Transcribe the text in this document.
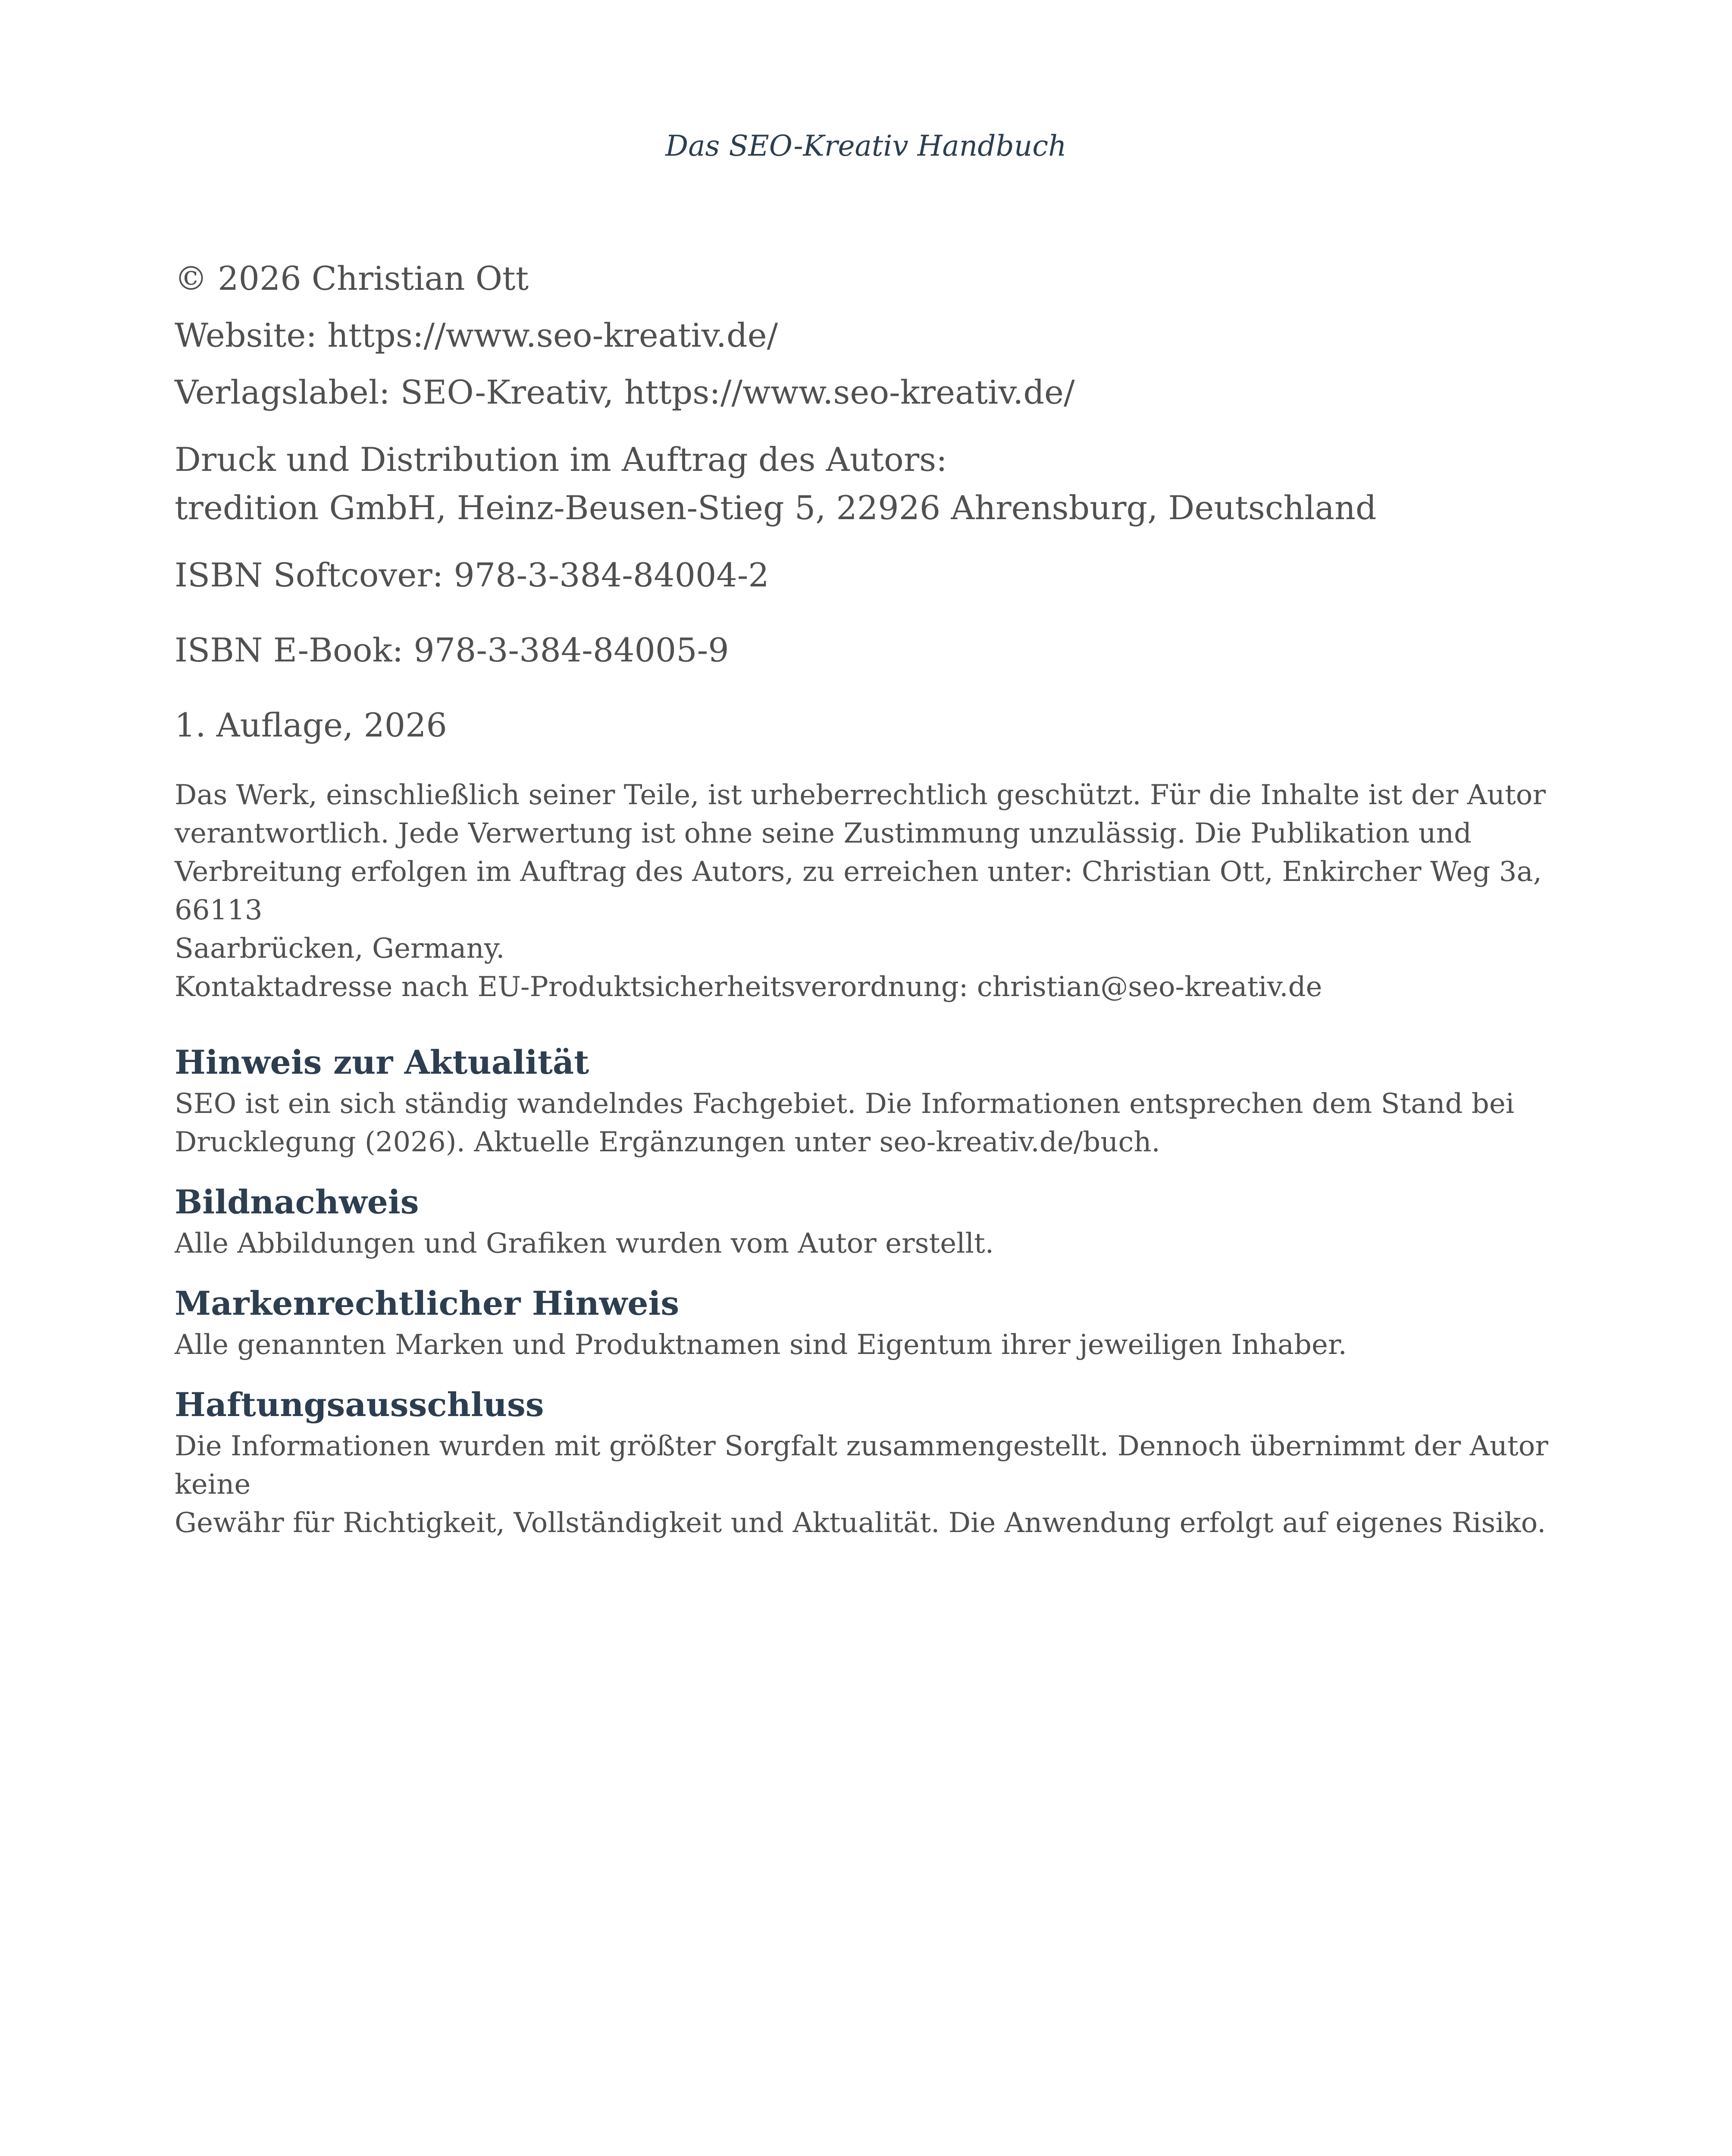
Das SEO-Kreativ Handbuch

© 2026 Christian Ott

Website: https://www.seo-kreativ.de/

Verlagslabel: SEO-Kreativ, https://www.seo-kreativ.de/

Druck und Distribution im Auftrag des Autors:

tredition GmbH, Heinz-Beusen-Stieg 5, 22926 Ahrensburg, Deutschland

ISBN Softcover: 978-3-384-84004-2

ISBN E-Book: 978-3-384-84005-9

1. Auflage, 2026

Das Werk, einschließlich seiner Teile, ist urheberrechtlich geschützt. Für die Inhalte ist der Autor

verantwortlich. Jede Verwertung ist ohne seine Zustimmung unzulässig. Die Publikation und

Verbreitung erfolgen im Auftrag des Autors, zu erreichen unter: Christian Ott, Enkircher Weg 3a, 66113

Saarbrücken, Germany.

Kontaktadresse nach EU-Produktsicherheitsverordnung: christian@seo-kreativ.de

Hinweis zur Aktualität

SEO ist ein sich ständig wandelndes Fachgebiet. Die Informationen entsprechen dem Stand bei

Drucklegung (2026). Aktuelle Ergänzungen unter seo-kreativ.de/buch.

Bildnachweis

Alle Abbildungen und Grafiken wurden vom Autor erstellt.

Markenrechtlicher Hinweis

Alle genannten Marken und Produktnamen sind Eigentum ihrer jeweiligen Inhaber.

Haftungsausschluss

Die Informationen wurden mit größter Sorgfalt zusammengestellt. Dennoch übernimmt der Autor keine

Gewähr für Richtigkeit, Vollständigkeit und Aktualität. Die Anwendung erfolgt auf eigenes Risiko.
